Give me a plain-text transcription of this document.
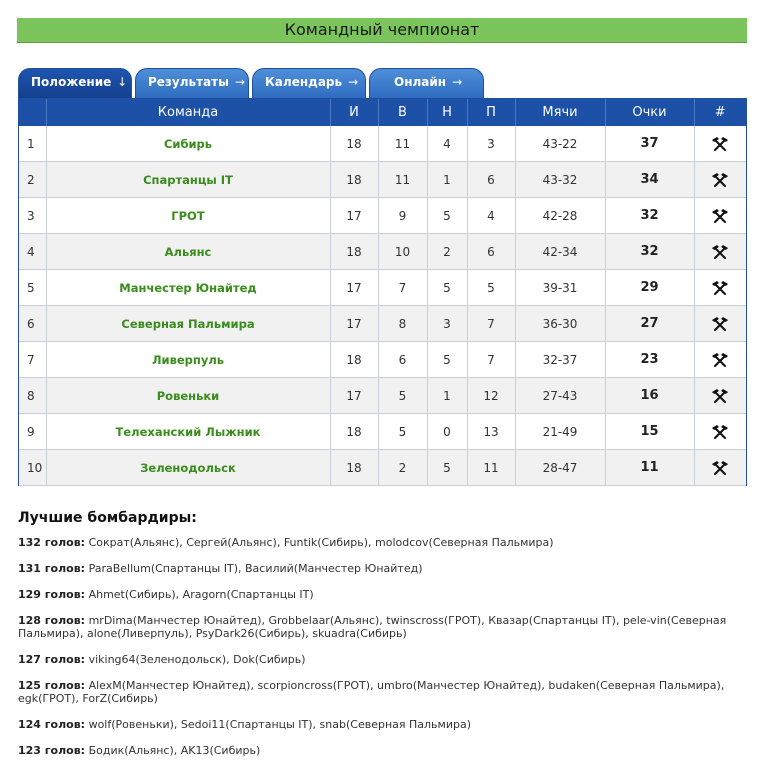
Командный чемпионат
Положение ↓	Результаты →	Календарь →	Онлайн →
	Команда	И	В	Н	П	Мячи	Очки	#
1	Сибирь	18	11	4	3	43-22	37	
2	Спартанцы IT	18	11	1	6	43-32	34	
3	ГРОТ	17	9	5	4	42-28	32	
4	Альянс	18	10	2	6	42-34	32	
5	Манчестер Юнайтед	17	7	5	5	39-31	29	
6	Северная Пальмира	17	8	3	7	36-30	27	
7	Ливерпуль	18	6	5	7	32-37	23	
8	Ровеньки	17	5	1	12	27-43	16	
9	Телеханский Лыжник	18	5	0	13	21-49	15	
10	Зеленодольск	18	2	5	11	28-47	11	
Лучшие бомбардиры:

132 голов: Сократ(Альянс), Сергей(Альянс), Funtik(Сибирь), molodcov(Северная Пальмира)

131 голов: ParaBellum(Спартанцы IT), Василий(Манчестер Юнайтед)

129 голов: Ahmet(Сибирь), Aragorn(Спартанцы IT)

128 голов: mrDima(Манчестер Юнайтед), Grobbelaar(Альянс), twinscross(ГРОТ), Квазар(Спартанцы IT), pele-vin(Северная Пальмира), alone(Ливерпуль), PsyDark26(Сибирь), skuadra(Сибирь)

127 голов: viking64(Зеленодольск), Dok(Сибирь)

125 голов: AlexM(Манчестер Юнайтед), scorpioncross(ГРОТ), umbro(Манчестер Юнайтед), budaken(Северная Пальмира), egk(ГРОТ), ForZ(Сибирь)

124 голов: wolf(Ровеньки), Sedoi11(Спартанцы IT), snab(Северная Пальмира)

123 голов: Бодик(Альянс), AK13(Сибирь)
